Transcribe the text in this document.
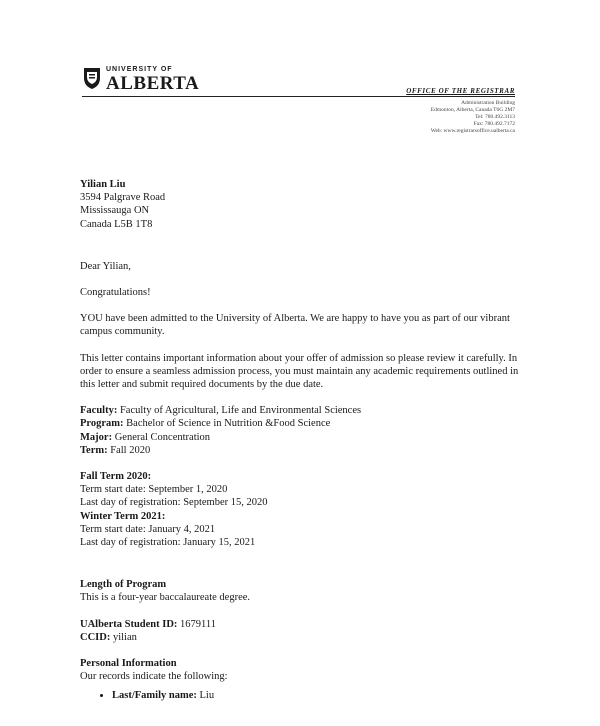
UNIVERSITY OF
ALBERTA	OFFICE OF THE REGISTRAR
Administration Building
Edmonton, Alberta, Canada T6G 2M7
Tel: 780.492.3113
Fax: 780.492.7172
Web: www.registrarsoffice.ualberta.ca

Yilian Liu

3594 Palgrave Road

Mississauga ON

Canada L5B 1T8

Dear Yilian,

Congratulations!

YOU have been admitted to the University of Alberta. We are happy to have you as part of our vibrant campus community.

This letter contains important information about your offer of admission so please review it carefully. In order to ensure a seamless admission process, you must maintain any academic requirements outlined in this letter and submit required documents by the due date.

Faculty: Faculty of Agricultural, Life and Environmental Sciences

Program: Bachelor of Science in Nutrition &Food Science

Major: General Concentration

Term: Fall 2020

Fall Term 2020:

Term start date: September 1, 2020

Last day of registration: September 15, 2020

Winter Term 2021:

Term start date: January 4, 2021

Last day of registration: January 15, 2021

Length of Program

This is a four-year baccalaureate degree.

UAlberta Student ID: 1679111

CCID: yilian

Personal Information

Our records indicate the following:

• Last/Family name: Liu
